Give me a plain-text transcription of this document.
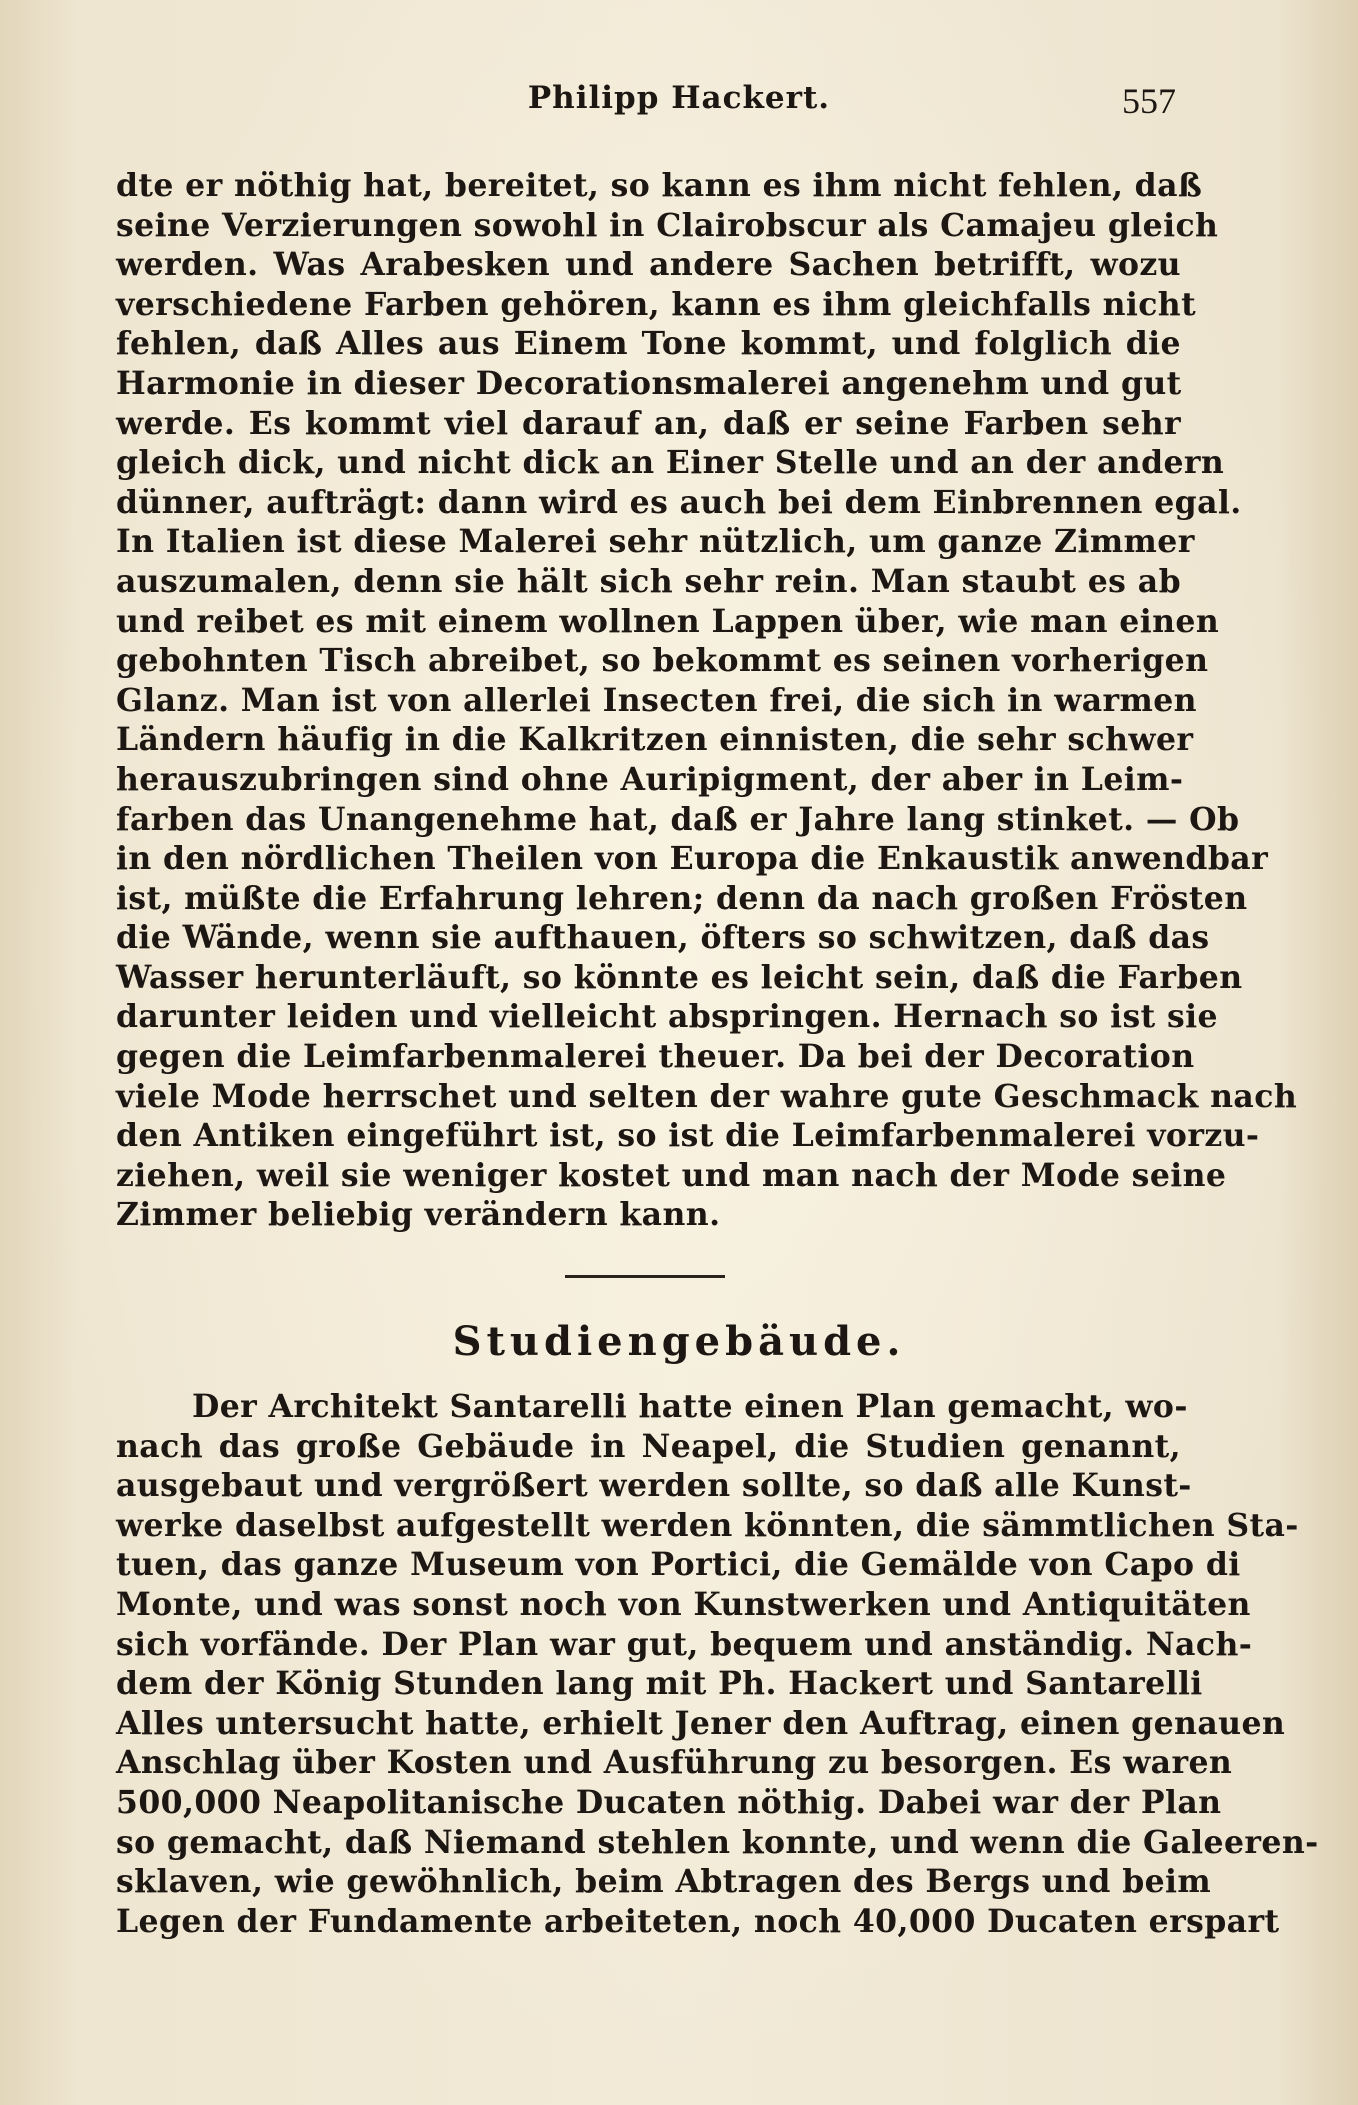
Philipp Hackert.	557
dte er nöthig hat, bereitet, so kann es ihm nicht fehlen, daß
seine Verzierungen sowohl in Clairobscur als Camajeu gleich
werden. Was Arabesken und andere Sachen betrifft, wozu
verschiedene Farben gehören, kann es ihm gleichfalls nicht
fehlen, daß Alles aus Einem Tone kommt, und folglich die
Harmonie in dieser Decorationsmalerei angenehm und gut
werde. Es kommt viel darauf an, daß er seine Farben sehr
gleich dick, und nicht dick an Einer Stelle und an der andern
dünner, aufträgt: dann wird es auch bei dem Einbrennen egal.
In Italien ist diese Malerei sehr nützlich, um ganze Zimmer
auszumalen, denn sie hält sich sehr rein. Man staubt es ab
und reibet es mit einem wollnen Lappen über, wie man einen
gebohnten Tisch abreibet, so bekommt es seinen vorherigen
Glanz. Man ist von allerlei Insecten frei, die sich in warmen
Ländern häufig in die Kalkritzen einnisten, die sehr schwer
herauszubringen sind ohne Auripigment, der aber in Leim-
farben das Unangenehme hat, daß er Jahre lang stinket. — Ob
in den nördlichen Theilen von Europa die Enkaustik anwendbar
ist, müßte die Erfahrung lehren; denn da nach großen Frösten
die Wände, wenn sie aufthauen, öfters so schwitzen, daß das
Wasser herunterläuft, so könnte es leicht sein, daß die Farben
darunter leiden und vielleicht abspringen. Hernach so ist sie
gegen die Leimfarbenmalerei theuer. Da bei der Decoration
viele Mode herrschet und selten der wahre gute Geschmack nach
den Antiken eingeführt ist, so ist die Leimfarbenmalerei vorzu-
ziehen, weil sie weniger kostet und man nach der Mode seine
Zimmer beliebig verändern kann.
Studiengebäude.
Der Architekt Santarelli hatte einen Plan gemacht, wo-
nach das große Gebäude in Neapel, die Studien genannt,
ausgebaut und vergrößert werden sollte, so daß alle Kunst-
werke daselbst aufgestellt werden könnten, die sämmtlichen Sta-
tuen, das ganze Museum von Portici, die Gemälde von Capo di
Monte, und was sonst noch von Kunstwerken und Antiquitäten
sich vorfände. Der Plan war gut, bequem und anständig. Nach-
dem der König Stunden lang mit Ph. Hackert und Santarelli
Alles untersucht hatte, erhielt Jener den Auftrag, einen genauen
Anschlag über Kosten und Ausführung zu besorgen. Es waren
500,000 Neapolitanische Ducaten nöthig. Dabei war der Plan
so gemacht, daß Niemand stehlen konnte, und wenn die Galeeren-
sklaven, wie gewöhnlich, beim Abtragen des Bergs und beim
Legen der Fundamente arbeiteten, noch 40,000 Ducaten erspart
